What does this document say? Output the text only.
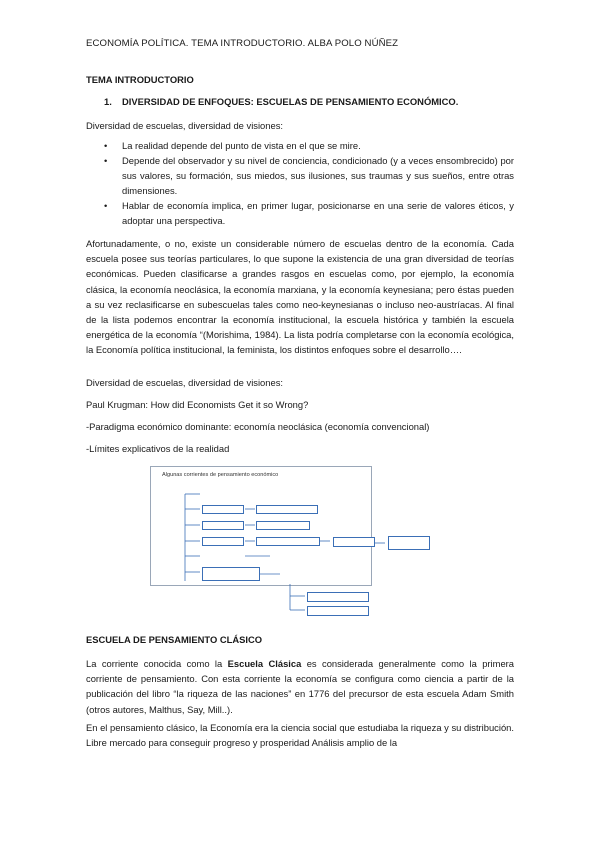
ECONOMÍA POLÍTICA. TEMA INTRODUCTORIO. ALBA POLO NÚÑEZ
TEMA INTRODUCTORIO
1. DIVERSIDAD DE ENFOQUES: ESCUELAS DE PENSAMIENTO ECONÓMICO.
Diversidad de escuelas, diversidad de visiones:
• La realidad depende del punto de vista en el que se mire.
• Depende del observador y su nivel de conciencia, condicionado (y a veces ensombrecido) por sus valores, su formación, sus miedos, sus ilusiones, sus traumas y sus sueños, entre otras dimensiones.
• Hablar de economía implica, en primer lugar, posicionarse en una serie de valores éticos, y adoptar una perspectiva.
Afortunadamente, o no, existe un considerable número de escuelas dentro de la economía. Cada escuela posee sus teorías particulares, lo que supone la existencia de una gran diversidad de teorías económicas. Pueden clasificarse a grandes rasgos en escuelas como, por ejemplo, la economía clásica, la economía neoclásica, la economía marxiana, y la economía keynesiana; pero éstas pueden a su vez reclasificarse en subescuelas tales como neo-keynesianas o incluso neo-austríacas. Al final de la lista podemos encontrar la economía institucional, la escuela histórica y también la escuela energética de la economía “(Morishima, 1984). La lista podría completarse con la economía ecológica, la Economía política institucional, la feminista, los distintos enfoques sobre el desarrollo….
Diversidad de escuelas, diversidad de visiones:
Paul Krugman: How did Economists Get it so Wrong?
-Paradigma económico dominante: economía neoclásica (economía convencional)
-Límites explicativos de la realidad
Algunas corrientes de pensamiento económico
ESCUELA DE PENSAMIENTO CLÁSICO
La corriente conocida como la Escuela Clásica es considerada generalmente como la primera corriente de pensamiento. Con esta corriente la economía se configura como ciencia a partir de la publicación del libro “la riqueza de las naciones” en 1776 del precursor de esta escuela Adam Smith (otros autores, Malthus, Say, Mill..).
En el pensamiento clásico, la Economía era la ciencia social que estudiaba la riqueza y su distribución. Libre mercado para conseguir progreso y prosperidad Análisis amplio de la
